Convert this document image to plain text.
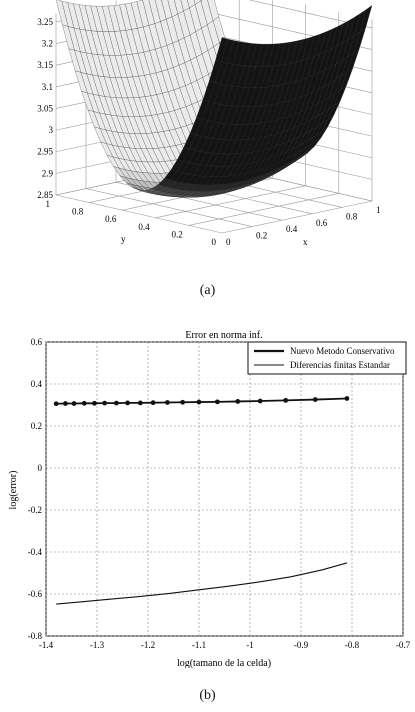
2.85
2.9
2.95
3
3.05
3.1
3.15
3.2
3.25
0
0.2
0.4
0.6
0.8
1
0
0.2
0.4
0.6
0.8
1
x
y
(a)
Error en norma inf.
log(tamano de la celda)
log(error)
-1.4	-1.3	-1.2	-1.1	-1	-0.9	-0.8	-0.7
-0.8
-0.6
-0.4
-0.2
0
0.2
0.4
0.6
Nuevo Metodo Conservativo
Diferencias finitas Estandar
(b)
